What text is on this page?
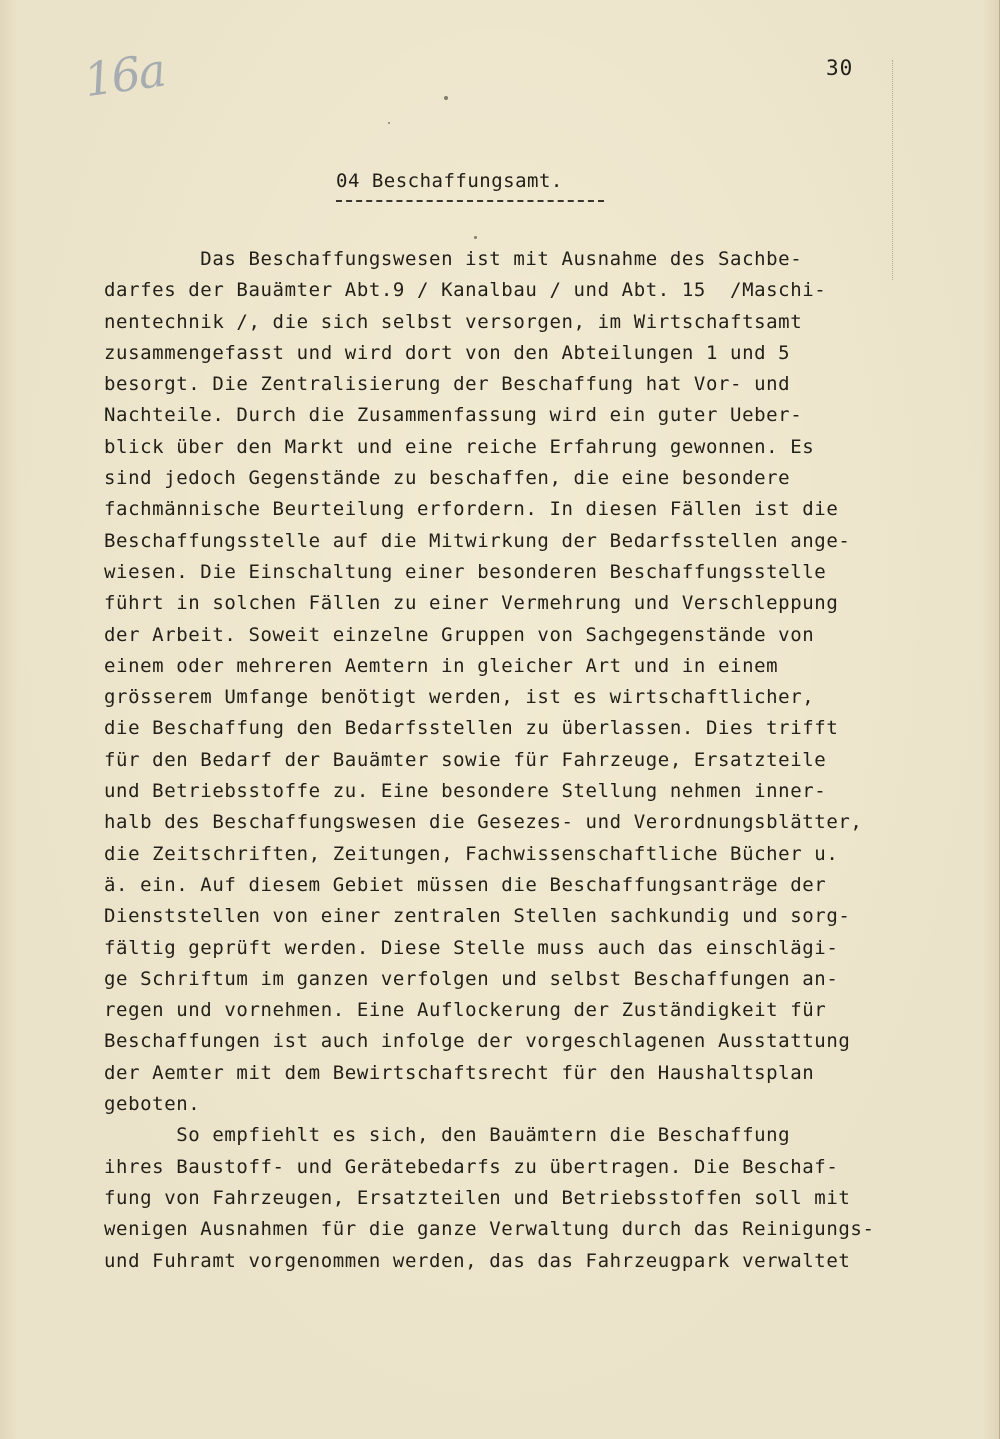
16a	30
04 Beschaffungsamt.
Das Beschaffungswesen ist mit Ausnahme des Sachbe-
darfes der Bauämter Abt.9 / Kanalbau / und Abt. 15  /Maschi-
nentechnik /, die sich selbst versorgen, im Wirtschaftsamt
zusammengefasst und wird dort von den Abteilungen 1 und 5
besorgt. Die Zentralisierung der Beschaffung hat Vor- und
Nachteile. Durch die Zusammenfassung wird ein guter Ueber-
blick über den Markt und eine reiche Erfahrung gewonnen. Es
sind jedoch Gegenstände zu beschaffen, die eine besondere
fachmännische Beurteilung erfordern. In diesen Fällen ist die
Beschaffungsstelle auf die Mitwirkung der Bedarfsstellen ange-
wiesen. Die Einschaltung einer besonderen Beschaffungsstelle
führt in solchen Fällen zu einer Vermehrung und Verschleppung
der Arbeit. Soweit einzelne Gruppen von Sachgegenstände von
einem oder mehreren Aemtern in gleicher Art und in einem
grösserem Umfange benötigt werden, ist es wirtschaftlicher,
die Beschaffung den Bedarfsstellen zu überlassen. Dies trifft
für den Bedarf der Bauämter sowie für Fahrzeuge, Ersatzteile
und Betriebsstoffe zu. Eine besondere Stellung nehmen inner-
halb des Beschaffungswesen die Gesezes- und Verordnungsblätter,
die Zeitschriften, Zeitungen, Fachwissenschaftliche Bücher u.
ä. ein. Auf diesem Gebiet müssen die Beschaffungsanträge der
Dienststellen von einer zentralen Stellen sachkundig und sorg-
fältig geprüft werden. Diese Stelle muss auch das einschlägi-
ge Schriftum im ganzen verfolgen und selbst Beschaffungen an-
regen und vornehmen. Eine Auflockerung der Zuständigkeit für
Beschaffungen ist auch infolge der vorgeschlagenen Ausstattung
der Aemter mit dem Bewirtschaftsrecht für den Haushaltsplan
geboten.
So empfiehlt es sich, den Bauämtern die Beschaffung
ihres Baustoff- und Gerätebedarfs zu übertragen. Die Beschaf-
fung von Fahrzeugen, Ersatzteilen und Betriebsstoffen soll mit
wenigen Ausnahmen für die ganze Verwaltung durch das Reinigungs-
und Fuhramt vorgenommen werden, das das Fahrzeugpark verwaltet
